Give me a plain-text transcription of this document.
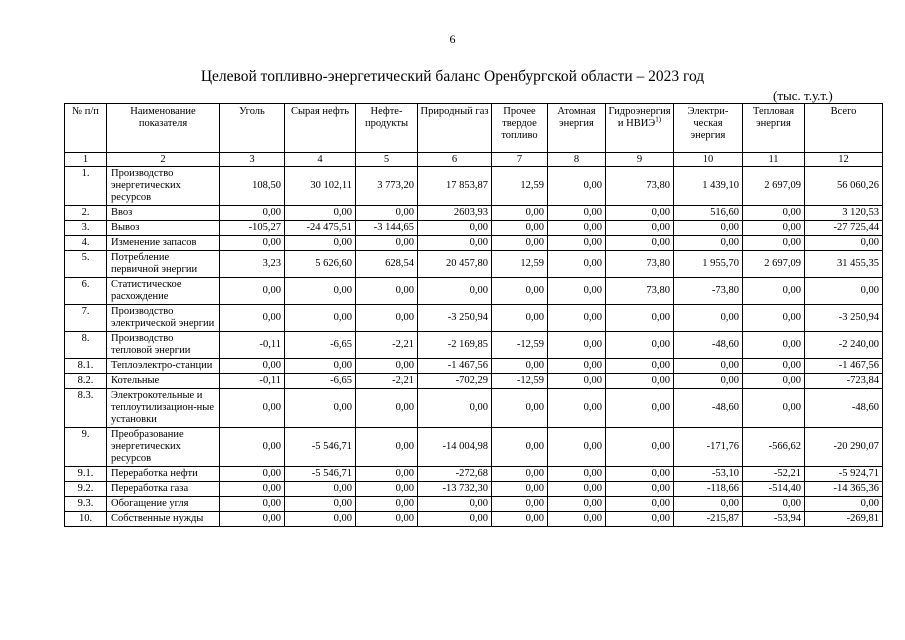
6
Целевой топливно-энергетический баланс Оренбургской области – 2023 год
(тыс. т.у.т.)
№ п/п	Наименование показателя	Уголь	Сырая нефть	Нефте-продукты	Природный газ	Прочее твердое топливо	Атомная энергия	Гидроэнергия и НВИЭ$^{1)}$	Электри-ческая энергия	Тепловая энергия	Всего
1	2	3	4	5	6	7	8	9	10	11	12
1.	Производство энергетических ресурсов	108,50	30 102,11	3 773,20	17 853,87	12,59	0,00	73,80	1 439,10	2 697,09	56 060,26
2.	Ввоз	0,00	0,00	0,00	2603,93	0,00	0,00	0,00	516,60	0,00	3 120,53
3.	Вывоз	-105,27	-24 475,51	-3 144,65	0,00	0,00	0,00	0,00	0,00	0,00	-27 725,44
4.	Изменение запасов	0,00	0,00	0,00	0,00	0,00	0,00	0,00	0,00	0,00	0,00
5.	Потребление первичной энергии	3,23	5 626,60	628,54	20 457,80	12,59	0,00	73,80	1 955,70	2 697,09	31 455,35
6.	Статистическое расхождение	0,00	0,00	0,00	0,00	0,00	0,00	73,80	-73,80	0,00	0,00
7.	Производство электрической энергии	0,00	0,00	0,00	-3 250,94	0,00	0,00	0,00	0,00	0,00	-3 250,94
8.	Производство тепловой энергии	-0,11	-6,65	-2,21	-2 169,85	-12,59	0,00	0,00	-48,60	0,00	-2 240,00
8.1.	Теплоэлектро-станции	0,00	0,00	0,00	-1 467,56	0,00	0,00	0,00	0,00	0,00	-1 467,56
8.2.	Котельные	-0,11	-6,65	-2,21	-702,29	-12,59	0,00	0,00	0,00	0,00	-723,84
8.3.	Электрокотельные и теплоутилизацион-ные установки	0,00	0,00	0,00	0,00	0,00	0,00	0,00	-48,60	0,00	-48,60
9.	Преобразование энергетических ресурсов	0,00	-5 546,71	0,00	-14 004,98	0,00	0,00	0,00	-171,76	-566,62	-20 290,07
9.1.	Переработка нефти	0,00	-5 546,71	0,00	-272,68	0,00	0,00	0,00	-53,10	-52,21	-5 924,71
9.2.	Переработка газа	0,00	0,00	0,00	-13 732,30	0,00	0,00	0,00	-118,66	-514,40	-14 365,36
9.3.	Обогащение угля	0,00	0,00	0,00	0,00	0,00	0,00	0,00	0,00	0,00	0,00
10.	Собственные нужды	0,00	0,00	0,00	0,00	0,00	0,00	0,00	-215,87	-53,94	-269,81
